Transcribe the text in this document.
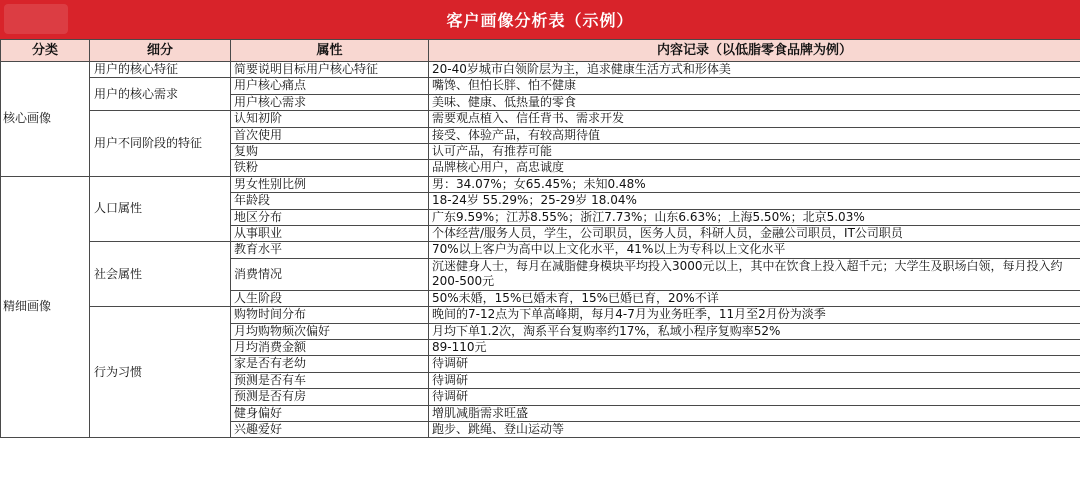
客户画像分析表（示例）
分类	细分	属性	内容记录（以低脂零食品牌为例）
核心画像	用户的核心特征	简要说明目标用户核心特征	20-40岁城市白领阶层为主，追求健康生活方式和形体美
	用户的核心需求	用户核心痛点	嘴馋、但怕长胖、怕不健康
		用户核心需求	美味、健康、低热量的零食
	用户不同阶段的特征	认知初阶	需要观点植入、信任背书、需求开发
		首次使用	接受、体验产品，有较高期待值
		复购	认可产品，有推荐可能
		铁粉	品牌核心用户，高忠诚度
精细画像	人口属性	男女性别比例	男：34.07%；女65.45%；未知0.48%
		年龄段	18-24岁 55.29%；25-29岁 18.04%
		地区分布	广东9.59%；江苏8.55%；浙江7.73%；山东6.63%；上海5.50%；北京5.03%
		从事职业	个体经营/服务人员，学生，公司职员，医务人员，科研人员，金融公司职员，IT公司职员
	社会属性	教育水平	70%以上客户为高中以上文化水平，41%以上为专科以上文化水平
		消费情况	沉迷健身人士，每月在减脂健身模块平均投入3000元以上，其中在饮食上投入超千元；大学生及职场白领，每月投入约200-500元
		人生阶段	50%未婚，15%已婚未育，15%已婚已育，20%不详
	行为习惯	购物时间分布	晚间的7-12点为下单高峰期，每月4-7月为业务旺季，11月至2月份为淡季
		月均购物频次偏好	月均下单1.2次，淘系平台复购率约17%，私域小程序复购率52%
		月均消费金额	89-110元
		家是否有老幼	待调研
		预测是否有车	待调研
		预测是否有房	待调研
		健身偏好	增肌减脂需求旺盛
		兴趣爱好	跑步、跳绳、登山运动等
